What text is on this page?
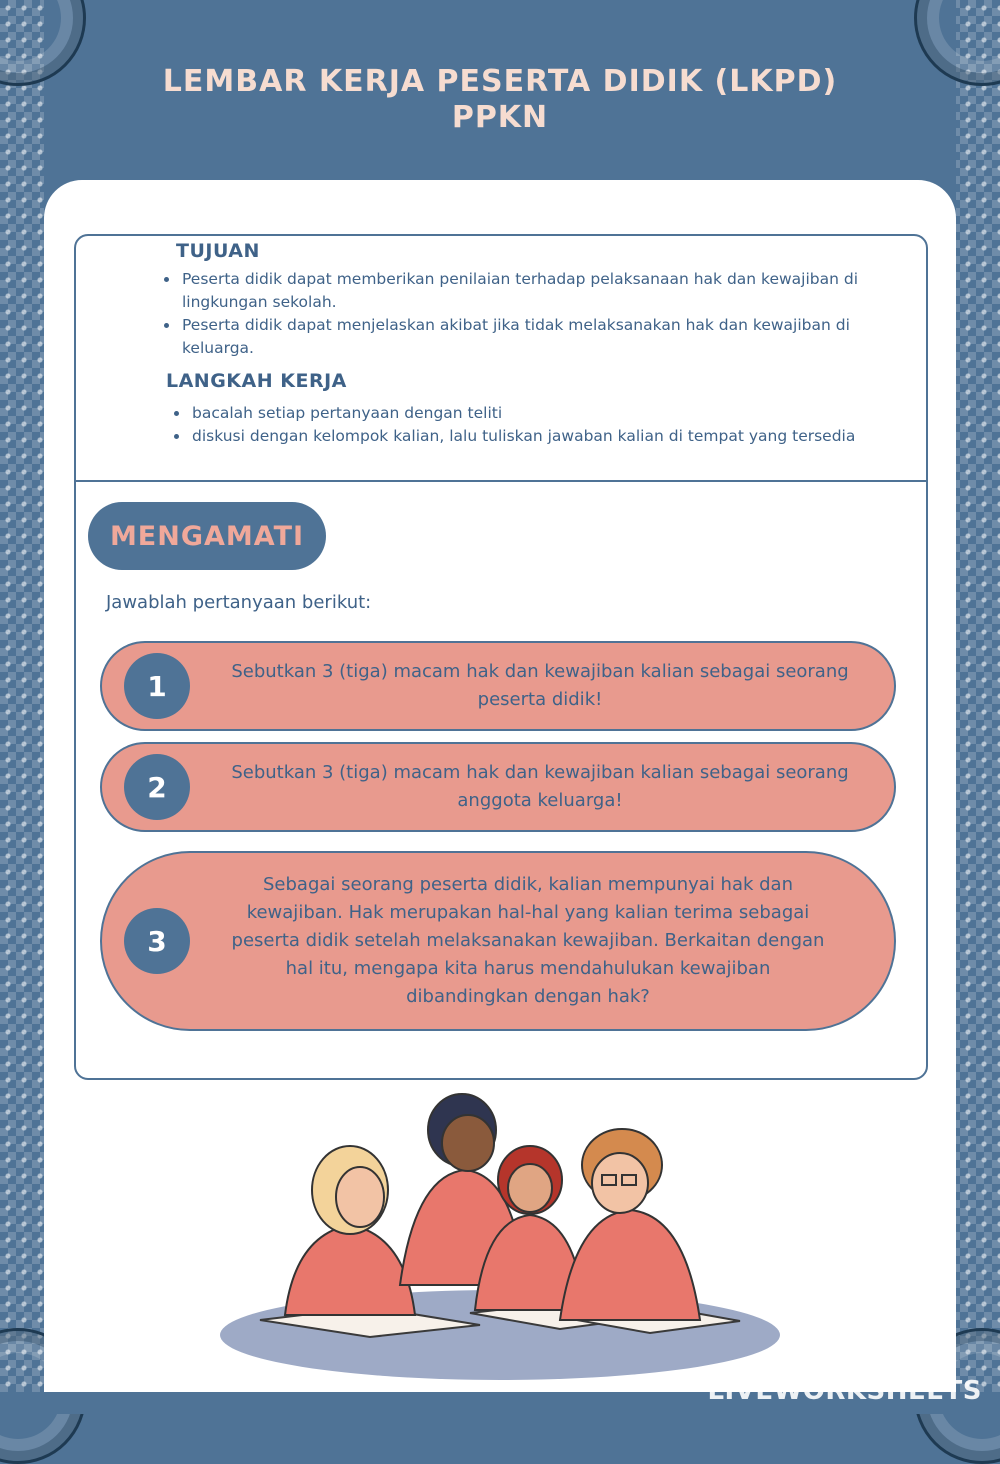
LEMBAR KERJA PESERTA DIDIK (LKPD)
PPKN
TUJUAN
• Peserta didik dapat memberikan penilaian terhadap pelaksanaan hak dan kewajiban di lingkungan sekolah.
• Peserta didik dapat menjelaskan akibat jika tidak melaksanakan hak dan kewajiban di keluarga.
LANGKAH KERJA
• bacalah setiap pertanyaan dengan teliti
• diskusi dengan kelompok kalian, lalu tuliskan jawaban kalian di tempat yang tersedia
MENGAMATI
Jawablah pertanyaan berikut:
1	Sebutkan 3 (tiga) macam hak dan kewajiban kalian sebagai seorang peserta didik!
2	Sebutkan 3 (tiga) macam hak dan kewajiban kalian sebagai seorang anggota keluarga!
3
Sebagai seorang peserta didik, kalian mempunyai hak dan kewajiban. Hak merupakan hal-hal yang kalian terima sebagai peserta didik setelah melaksanakan kewajiban. Berkaitan dengan hal itu, mengapa kita harus mendahulukan kewajiban dibandingkan dengan hak?
LIVEWORKSHEETS
